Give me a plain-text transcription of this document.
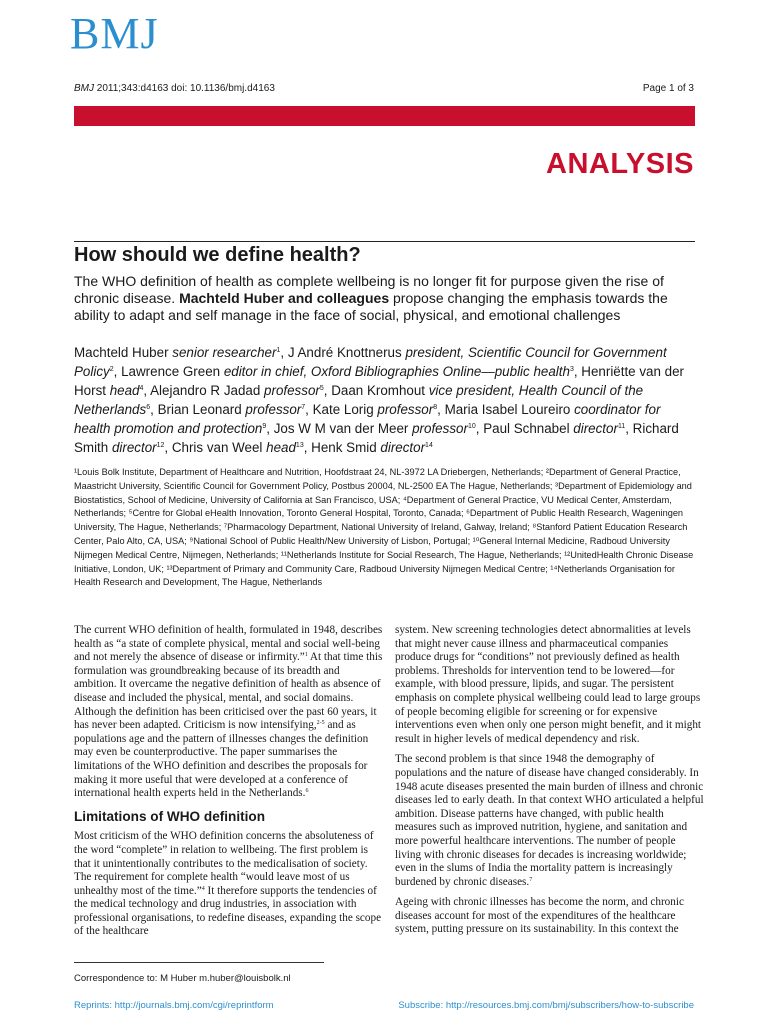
BMJ
BMJ 2011;343:d4163 doi: 10.1136/bmj.d4163	Page 1 of 3
ANALYSIS
How should we define health?

The WHO definition of health as complete wellbeing is no longer fit for purpose given the rise of chronic disease. Machteld Huber and colleagues propose changing the emphasis towards the ability to adapt and self manage in the face of social, physical, and emotional challenges

Machteld Huber senior researcher$^1$, J André Knottnerus president, Scientific Council for Government Policy$^2$, Lawrence Green editor in chief, Oxford Bibliographies Online—public health$^3$, Henriëtte van der Horst head$^4$, Alejandro R Jadad professor$^5$, Daan Kromhout vice president, Health Council of the Netherlands$^6$, Brian Leonard professor$^7$, Kate Lorig professor$^8$, Maria Isabel Loureiro coordinator for health promotion and protection$^9$, Jos W M van der Meer professor$^{10}$, Paul Schnabel director$^{11}$, Richard Smith director$^{12}$, Chris van Weel head$^{13}$, Henk Smid director$^{14}$

¹Louis Bolk Institute, Department of Healthcare and Nutrition, Hoofdstraat 24, NL-3972 LA Driebergen, Netherlands; ²Department of General Practice, Maastricht University, Scientific Council for Government Policy, Postbus 20004, NL-2500 EA The Hague, Netherlands; ³Department of Epidemiology and Biostatistics, School of Medicine, University of California at San Francisco, USA; ⁴Department of General Practice, VU Medical Center, Amsterdam, Netherlands; ⁵Centre for Global eHealth Innovation, Toronto General Hospital, Toronto, Canada; ⁶Department of Public Health Research, Wageningen University, The Hague, Netherlands; ⁷Pharmacology Department, National University of Ireland, Galway, Ireland; ⁸Stanford Patient Education Research Center, Palo Alto, CA, USA; ⁹National School of Public Health/New University of Lisbon, Portugal; ¹⁰General Internal Medicine, Radboud University Nijmegen Medical Centre, Nijmegen, Netherlands; ¹¹Netherlands Institute for Social Research, The Hague, Netherlands; ¹²UnitedHealth Chronic Disease Initiative, London, UK; ¹³Department of Primary and Community Care, Radboud University Nijmegen Medical Centre; ¹⁴Netherlands Organisation for Health Research and Development, The Hague, Netherlands

The current WHO definition of health, formulated in 1948, describes health as “a state of complete physical, mental and social well-being and not merely the absence of disease or infirmity.”$^1$ At that time this formulation was groundbreaking because of its breadth and ambition. It overcame the negative definition of health as absence of disease and included the physical, mental, and social domains. Although the definition has been criticised over the past 60 years, it has never been adapted. Criticism is now intensifying,$^{2-5}$ and as populations age and the pattern of illnesses changes the definition may even be counterproductive. The paper summarises the limitations of the WHO definition and describes the proposals for making it more useful that were developed at a conference of international health experts held in the Netherlands.$^6$

Limitations of WHO definition

Most criticism of the WHO definition concerns the absoluteness of the word “complete” in relation to wellbeing. The first problem is that it unintentionally contributes to the medicalisation of society. The requirement for complete health “would leave most of us unhealthy most of the time.”$^4$ It therefore supports the tendencies of the medical technology and drug industries, in association with professional organisations, to redefine diseases, expanding the scope of the healthcare

system. New screening technologies detect abnormalities at levels that might never cause illness and pharmaceutical companies produce drugs for “conditions” not previously defined as health problems. Thresholds for intervention tend to be lowered—for example, with blood pressure, lipids, and sugar. The persistent emphasis on complete physical wellbeing could lead to large groups of people becoming eligible for screening or for expensive interventions even when only one person might benefit, and it might result in higher levels of medical dependency and risk.

The second problem is that since 1948 the demography of populations and the nature of disease have changed considerably. In 1948 acute diseases presented the main burden of illness and chronic diseases led to early death. In that context WHO articulated a helpful ambition. Disease patterns have changed, with public health measures such as improved nutrition, hygiene, and sanitation and more powerful healthcare interventions. The number of people living with chronic diseases for decades is increasing worldwide; even in the slums of India the mortality pattern is increasingly burdened by chronic diseases.$^7$

Ageing with chronic illnesses has become the norm, and chronic diseases account for most of the expenditures of the healthcare system, putting pressure on its sustainability. In this context the

Correspondence to: M Huber m.huber@louisbolk.nl
Reprints: http://journals.bmj.com/cgi/reprintform	Subscribe: http://resources.bmj.com/bmj/subscribers/how-to-subscribe
